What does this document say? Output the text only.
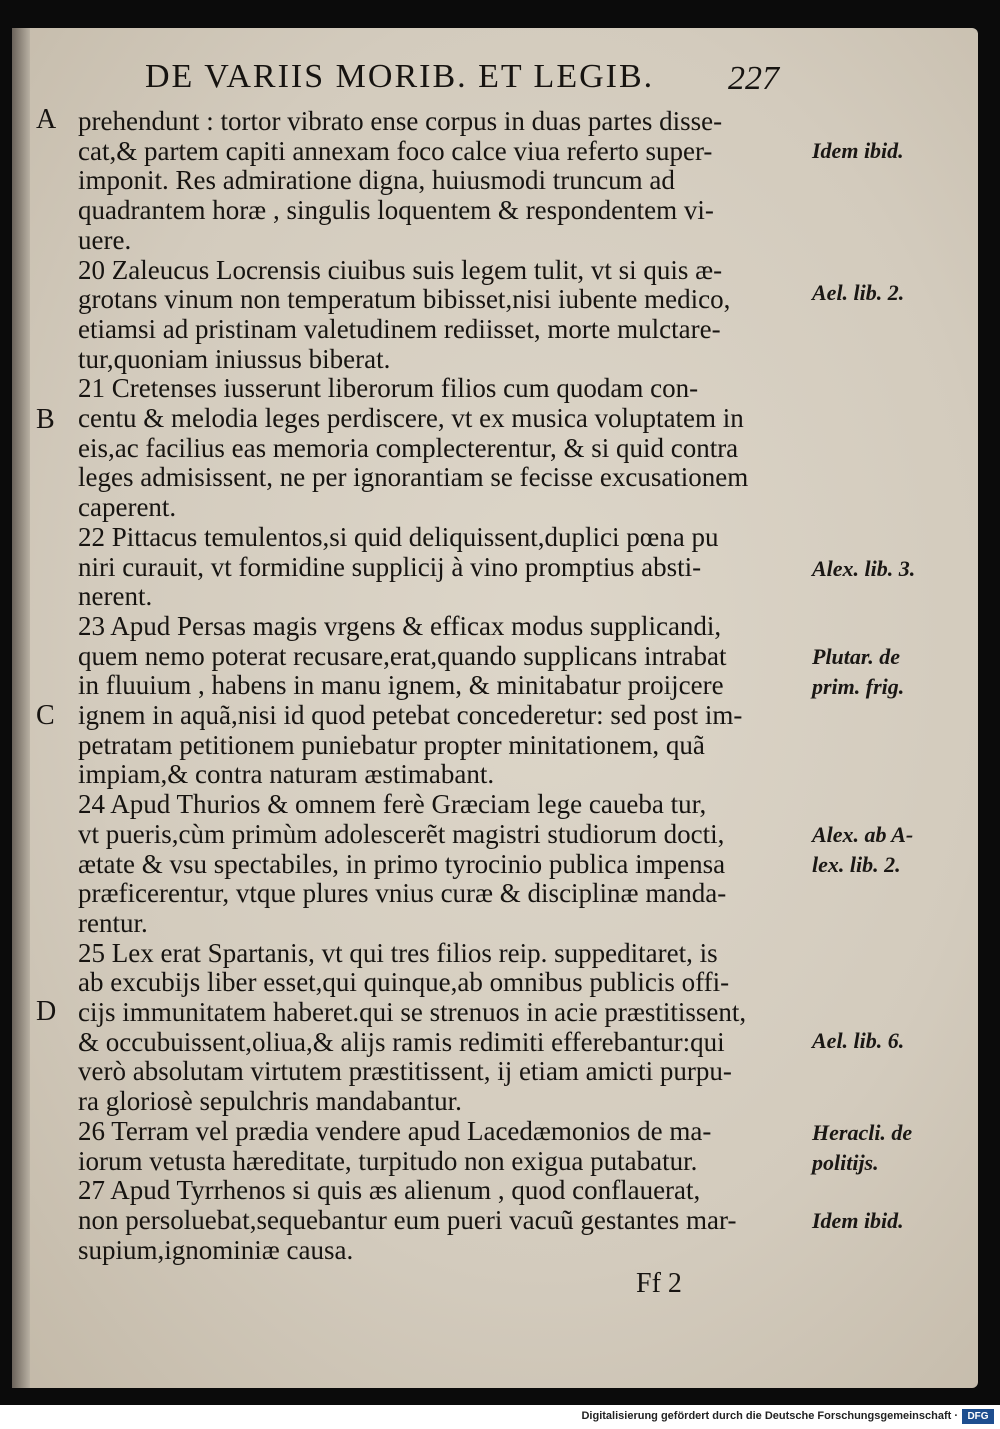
DE VARIIS MORIB. ET LEGIB. 227
A
B
C
D
prehendunt : tortor vibrato ense corpus in duas partes disse-
cat,& partem capiti annexam foco calce viua referto super-
imponit. Res admiratione digna, huiusmodi truncum ad
quadrantem horæ , singulis loquentem & respondentem vi-
uere.
20 Zaleucus Locrensis ciuibus suis legem tulit, vt si quis æ-
grotans vinum non temperatum bibisset,nisi iubente medico,
etiamsi ad pristinam valetudinem rediisset, morte mulctare-
tur,quoniam iniussus biberat.
21 Cretenses iusserunt liberorum filios cum quodam con-
centu & melodia leges perdiscere, vt ex musica voluptatem in
eis,ac facilius eas memoria complecterentur, & si quid contra
leges admisissent, ne per ignorantiam se fecisse excusationem
caperent.
22 Pittacus temulentos,si quid deliquissent,duplici pœna pu
niri curauit, vt formidine supplicij à vino promptius absti-
nerent.
23 Apud Persas magis vrgens & efficax modus supplicandi,
quem nemo poterat recusare,erat,quando supplicans intrabat
in fluuium , habens in manu ignem, & minitabatur proijcere
ignem in aquã,nisi id quod petebat concederetur: sed post im-
petratam petitionem puniebatur propter minitationem, quã
impiam,& contra naturam æstimabant.
24 Apud Thurios & omnem ferè Græciam lege caueba tur,
vt pueris,cùm primùm adolescerẽt magistri studiorum docti,
ætate & vsu spectabiles, in primo tyrocinio publica impensa
præficerentur, vtque plures vnius curæ & disciplinæ manda-
rentur.
25 Lex erat Spartanis, vt qui tres filios reip. suppeditaret, is
ab excubijs liber esset,qui quinque,ab omnibus publicis offi-
cijs immunitatem haberet.qui se strenuos in acie præstitissent,
& occubuissent,oliua,& alijs ramis redimiti efferebantur:qui
verò absolutam virtutem præstitissent, ij etiam amicti purpu-
ra gloriosè sepulchris mandabantur.
26 Terram vel prædia vendere apud Lacedæmonios de ma-
iorum vetusta hæreditate, turpitudo non exigua putabatur.
27 Apud Tyrrhenos si quis æs alienum , quod conflauerat,
non persoluebat,sequebantur eum pueri vacuũ gestantes mar-
supium,ignominiæ causa.
Idem ibid.
Ael. lib. 2.
Alex. lib. 3.
Plutar. de
prim. frig.
Alex. ab A-
lex. lib. 2.
Ael. lib. 6.
Heracli. de
politijs.
Idem ibid.
Ff 2
Digitalisierung gefördert durch die Deutsche Forschungsgemeinschaft · DFG
